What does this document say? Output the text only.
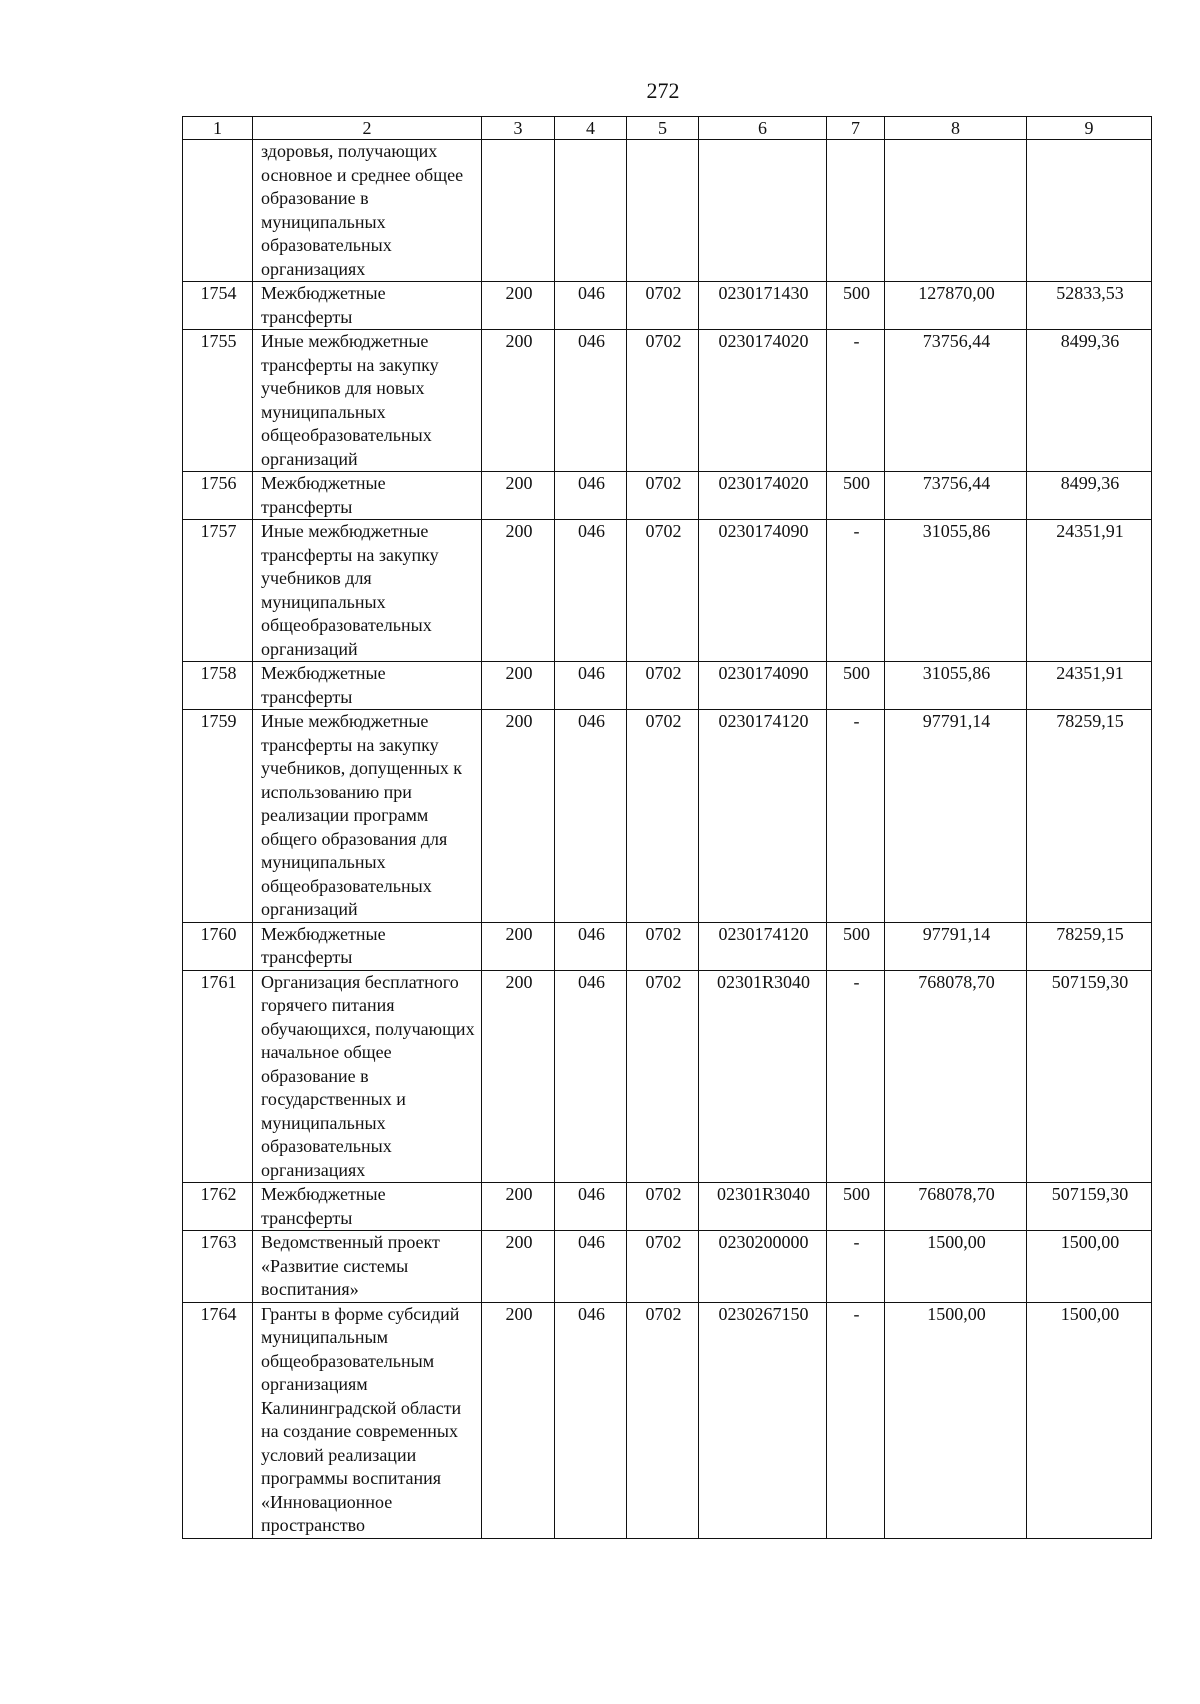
272
1	2	3	4	5	6	7	8	9
	здоровья, получающих основное и среднее общее образование в муниципальных образовательных организациях							
1754	Межбюджетные трансферты	200	046	0702	0230171430	500	127870,00	52833,53
1755	Иные межбюджетные трансферты на закупку учебников для новых муниципальных общеобразовательных организаций	200	046	0702	0230174020	-	73756,44	8499,36
1756	Межбюджетные трансферты	200	046	0702	0230174020	500	73756,44	8499,36
1757	Иные межбюджетные трансферты на закупку учебников для муниципальных общеобразовательных организаций	200	046	0702	0230174090	-	31055,86	24351,91
1758	Межбюджетные трансферты	200	046	0702	0230174090	500	31055,86	24351,91
1759	Иные межбюджетные трансферты на закупку учебников, допущенных к использованию при реализации программ общего образования для муниципальных общеобразовательных организаций	200	046	0702	0230174120	-	97791,14	78259,15
1760	Межбюджетные трансферты	200	046	0702	0230174120	500	97791,14	78259,15
1761	Организация бесплатного горячего питания обучающихся, получающих начальное общее образование в государственных и муниципальных образовательных организациях	200	046	0702	02301R3040	-	768078,70	507159,30
1762	Межбюджетные трансферты	200	046	0702	02301R3040	500	768078,70	507159,30
1763	Ведомственный проект «Развитие системы воспитания»	200	046	0702	0230200000	-	1500,00	1500,00
1764	Гранты в форме субсидий муниципальным общеобразовательным организациям Калининградской области на создание современных условий реализации программы воспитания «Инновационное пространство	200	046	0702	0230267150	-	1500,00	1500,00
